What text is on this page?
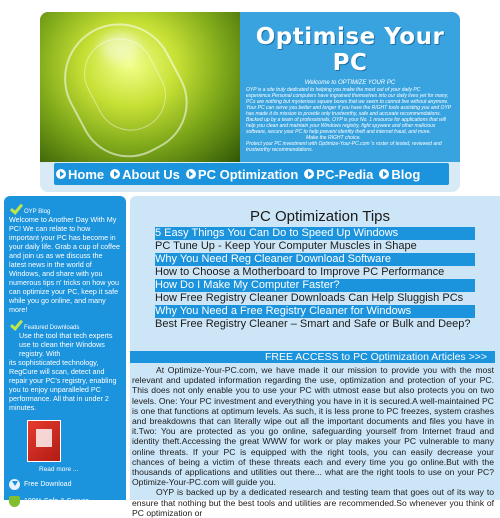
Optimise Your PC
Welcome to OPTIMIZE YOUR PC

OYP is a site truly dedicated to helping you make the most out of your daily PC experience.Personal computers have ingrained themselves into our daily lives yet for many, PCs are nothing but mysterious square boxes that we seem to cannot live without anymore.

Your PC can serve you better and longer if you have the RIGHT tools assisting you and OYP has made it its mission to provide only trustworthy, safe and accurate recommendations. Backed up by a team of professionals, OYP is your No. 1 resource for applications that will help you clean and maintain your Windows registry, fight spyware and other malicious software, secure your PC to help prevent identity theft and internet fraud, and more.

Make the RIGHT choice.

Protect your PC investment with Optimize-Your-PC.com 's roster of tested, reviewed and trustworthy recommendations.

Home About Us PC Optimization PC-Pedia Blog
OYP Blog
Welcome to Another Day With My PC! We can relate to how important your PC has become in your daily life. Grab a cup of coffee and join us as we discuss the latest news in the world of Windows, and share with you numerous tips n' tricks on how you can optimize your PC, keep it safe while you go online, and many more!
Featured Downloads
Use the tool that tech experts use to clean their Windows registry. With
its sophisticated technology, RegCure will scan, detect and repair your PC's registry, enabling you to enjoy unparalleled PC performance. All that in under 2 minutes.
Read more ...
Free Download
100% Safe & Secure
PC Optimization Tips
5 Easy Things You Can Do to Speed Up Windows
PC Tune Up - Keep Your Computer Muscles in Shape
Why You Need Reg Cleaner Download Software
How to Choose a Motherboard to Improve PC Performance
How Do I Make My Computer Faster?
How Free Registry Cleaner Downloads Can Help Sluggish PCs
Why You Need a Free Registry Cleaner for Windows
Best Free Registry Cleaner – Smart and Safe or Bulk and Deep?
FREE ACCESS to PC Optimization Articles >>>

At Optimize-Your-PC.com, we have made it our mission to provide you with the most relevant and updated information regarding the use, optimization and protection of your PC. This does not only enable you to use your PC with utmost ease but also protects you on two levels. One: Your PC investment and everything you have in it is secured.A well-maintained PC is one that functions at optimum levels. As such, it is less prone to PC freezes, system crashes and breakdowns that can literally wipe out all the important documents and files you have in it.Two: You are protected as you go online, safeguarding yourself from Internet fraud and identity theft.Accessing the great WWW for work or play makes your PC vulnerable to many online threats. If your PC is equipped with the right tools, you can easily decrease your chances of being a victim of these threats each and every time you go online.But with the thousands of applications and utilities out there... what are the right tools to use on your PC?Optimize-Your-PC.com will guide you.

OYP is backed up by a dedicated research and testing team that goes out of its way to ensure that nothing but the best tools and utilities are recommended.So whenever you think of PC optimization or
